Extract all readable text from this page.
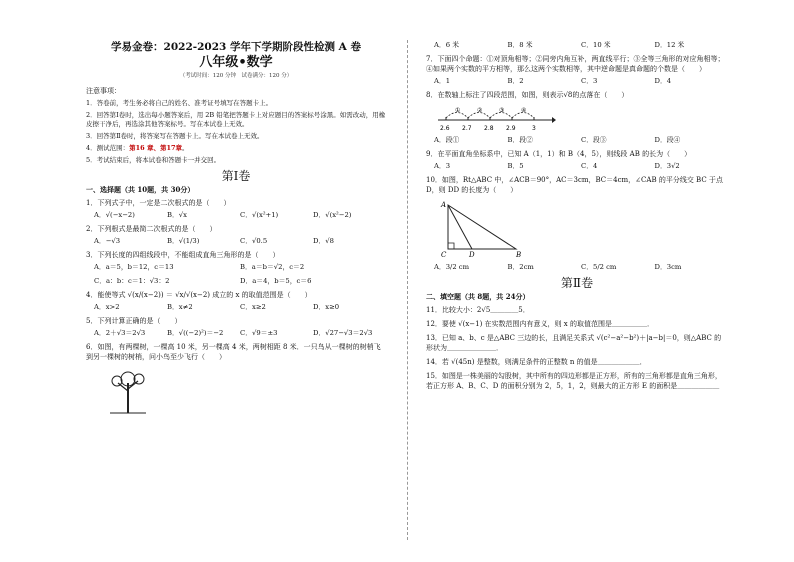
学易金卷：2022-2023 学年下学期阶段性检测 A 卷
八年级•数学
（考试时间：120 分钟　试卷满分：120 分）
注意事项：

1．答卷前，考生务必将自己的姓名、准考证号填写在答题卡上。

2．回答第Ⅰ卷时，选出每小题答案后，用 2B 铅笔把答题卡上对应题目的答案标号涂黑。如需改动，用橡皮擦干净后，再选涂其他答案标号。写在本试卷上无效。

3．回答第Ⅱ卷时，将答案写在答题卡上。写在本试卷上无效。

4．测试范围：第16 章、第17章。

5．考试结束后，将本试卷和答题卡一并交回。

第Ⅰ卷
一、选择题（共 10题，共 30分）
1．下列式子中，一定是二次根式的是（　　）
A．√(−x−2)	B．√x	C．√(x²+1)	D．√(x²−2)
2．下列根式是最简二次根式的是（　　）
A．−√3	B．√(1/3)	C．√0.5	D．√8
3．下列长度的四组线段中，不能组成直角三角形的是（　　）
A．a＝5，b＝12，c＝13	B．a＝b＝√2，c＝2
C．a：b：c＝1：√3：2	D．a＝4，b＝5，c＝6
4．能使等式 √(x/(x−2)) ＝ √x/√(x−2) 成立的 x 的取值范围是（　　）
A．x>2	B．x≠2	C．x≥2	D．x≥0
5．下列计算正确的是（　　）
A．2＋√3＝2√3	B．√((−2)²)＝−2	C．√9＝±3	D．√27−√3＝2√3
6．如图，有两棵树，一棵高 10 米，另一棵高 4 米，两树相距 8 米．一只鸟从一棵树的树梢飞到另一棵树的树梢，问小鸟至少飞行（　　）
A．6 米	B．8 米	C．10 米	D．12 米
7．下面四个命题：①对顶角相等；②同旁内角互补，两直线平行；③全等三角形的对应角相等；④如果两个实数的平方相等，那么这两个实数相等，其中逆命题是真命题的个数是（　　）
A．1	B．2	C．3	D．4
8．在数轴上标注了四段范围，如图，则表示√8的点落在（　　）
①	②	③	④
2.6 2.7 2.8 2.9	3
A．段①	B．段②	C．段③	D．段④
9．在平面直角坐标系中，已知 A（1，1）和 B（4，5），则线段 AB 的长为（　　）
A．3	B．5	C．4	D．3√2
10．如图，Rt△ABC 中，∠ACB＝90°，AC＝3cm，BC＝4cm，∠CAB 的平分线交 BC 于点 D，则 DD 的长度为（　　）
A
C	D	B
A．3/2 cm	B．2cm	C．5/2 cm	D．3cm
第Ⅱ卷
二、填空题（共 8题，共 24分）
11．比较大小：2√5＿＿＿＿5．
12．要使 √(x−1) 在实数范围内有意义，则 x 的取值范围是＿＿＿＿＿．
13．已知 a、b、c 是△ABC 三边的长，且满足关系式 √(c²−a²−b²)＋|a−b|＝0，则△ABC 的形状为＿＿＿＿＿＿＿．
14．若 √(45n) 是整数，则满足条件的正整数 n 的值是＿＿＿＿＿＿．
15．如图是一株美丽的勾股树，其中所有的四边形都是正方形，所有的三角形都是直角三角形，若正方形 A、B、C、D 的面积分别为 2，5，1，2，则最大的正方形 E 的面积是＿＿＿＿＿＿
